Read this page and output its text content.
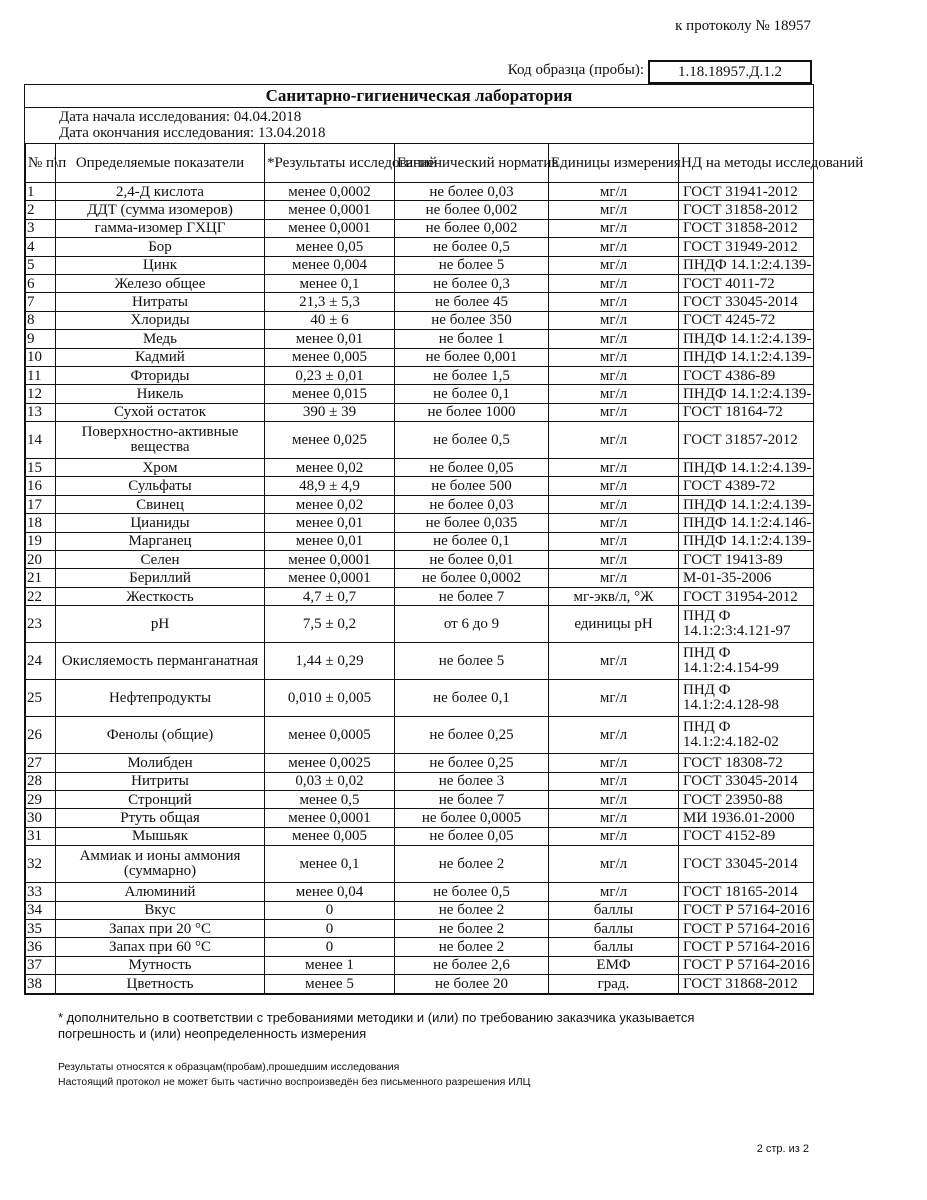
к протоколу № 18957
Код образца (пробы):	1.18.18957.Д.1.2
Санитарно-гигиеническая лаборатория
Дата начала исследования: 04.04.2018
Дата окончания исследования: 13.04.2018
№ п\п	Определяемые показатели	*Результаты исследований	Гигиенический норматив	Единицы измерения	НД на методы исследований
1	2,4-Д кислота	менее 0,0002	не более 0,03	мг/л	ГОСТ 31941-2012
2	ДДТ (сумма изомеров)	менее 0,0001	не более 0,002	мг/л	ГОСТ 31858-2012
3	гамма-изомер ГХЦГ	менее 0,0001	не более 0,002	мг/л	ГОСТ 31858-2012
4	Бор	менее 0,05	не более 0,5	мг/л	ГОСТ 31949-2012
5	Цинк	менее 0,004	не более 5	мг/л	ПНДФ 14.1:2:4.139-
6	Железо общее	менее 0,1	не более 0,3	мг/л	ГОСТ 4011-72
7	Нитраты	21,3 ± 5,3	не более 45	мг/л	ГОСТ 33045-2014
8	Хлориды	40 ± 6	не более 350	мг/л	ГОСТ 4245-72
9	Медь	менее 0,01	не более 1	мг/л	ПНДФ 14.1:2:4.139-
10	Кадмий	менее 0,005	не более 0,001	мг/л	ПНДФ 14.1:2:4.139-
11	Фториды	0,23 ± 0,01	не более 1,5	мг/л	ГОСТ 4386-89
12	Никель	менее 0,015	не более 0,1	мг/л	ПНДФ 14.1:2:4.139-
13	Сухой остаток	390 ± 39	не более 1000	мг/л	ГОСТ 18164-72
14	Поверхностно-активные вещества	менее 0,025	не более 0,5	мг/л	ГОСТ 31857-2012
15	Хром	менее 0,02	не более 0,05	мг/л	ПНДФ 14.1:2:4.139-
16	Сульфаты	48,9 ± 4,9	не более 500	мг/л	ГОСТ 4389-72
17	Свинец	менее 0,02	не более 0,03	мг/л	ПНДФ 14.1:2:4.139-
18	Цианиды	менее 0,01	не более 0,035	мг/л	ПНДФ 14.1:2:4.146-
19	Марганец	менее 0,01	не более 0,1	мг/л	ПНДФ 14.1:2:4.139-
20	Селен	менее 0,0001	не более 0,01	мг/л	ГОСТ 19413-89
21	Бериллий	менее 0,0001	не более 0,0002	мг/л	М-01-35-2006
22	Жесткость	4,7 ± 0,7	не более 7	мг-экв/л, °Ж	ГОСТ 31954-2012
23	pH	7,5 ± 0,2	от 6 до 9	единицы pH	ПНД Ф 14.1:2:3:4.121-97
24	Окисляемость перманганатная	1,44 ± 0,29	не более 5	мг/л	ПНД Ф 14.1:2:4.154-99
25	Нефтепродукты	0,010 ± 0,005	не более 0,1	мг/л	ПНД Ф 14.1:2:4.128-98
26	Фенолы (общие)	менее 0,0005	не более 0,25	мг/л	ПНД Ф 14.1:2:4.182-02
27	Молибден	менее 0,0025	не более 0,25	мг/л	ГОСТ 18308-72
28	Нитриты	0,03 ± 0,02	не более 3	мг/л	ГОСТ 33045-2014
29	Стронций	менее 0,5	не более 7	мг/л	ГОСТ 23950-88
30	Ртуть общая	менее 0,0001	не более 0,0005	мг/л	МИ 1936.01-2000
31	Мышьяк	менее 0,005	не более 0,05	мг/л	ГОСТ 4152-89
32	Аммиак и ионы аммония (суммарно)	менее 0,1	не более 2	мг/л	ГОСТ 33045-2014
33	Алюминий	менее 0,04	не более 0,5	мг/л	ГОСТ 18165-2014
34	Вкус	0	не более 2	баллы	ГОСТ Р 57164-2016
35	Запах при 20 °С	0	не более 2	баллы	ГОСТ Р 57164-2016
36	Запах при 60 °С	0	не более 2	баллы	ГОСТ Р 57164-2016
37	Мутность	менее 1	не более 2,6	ЕМФ	ГОСТ Р 57164-2016
38	Цветность	менее 5	не более 20	град.	ГОСТ 31868-2012
* дополнительно в соответствии с требованиями методики и (или) по требованию заказчика указывается погрешность и (или) неопределенность измерения
Результаты относятся к образцам(пробам),прошедшим исследования
Настоящий протокол не может быть частично воспроизведён без письменного разрешения ИЛЦ
2 стр. из 2
